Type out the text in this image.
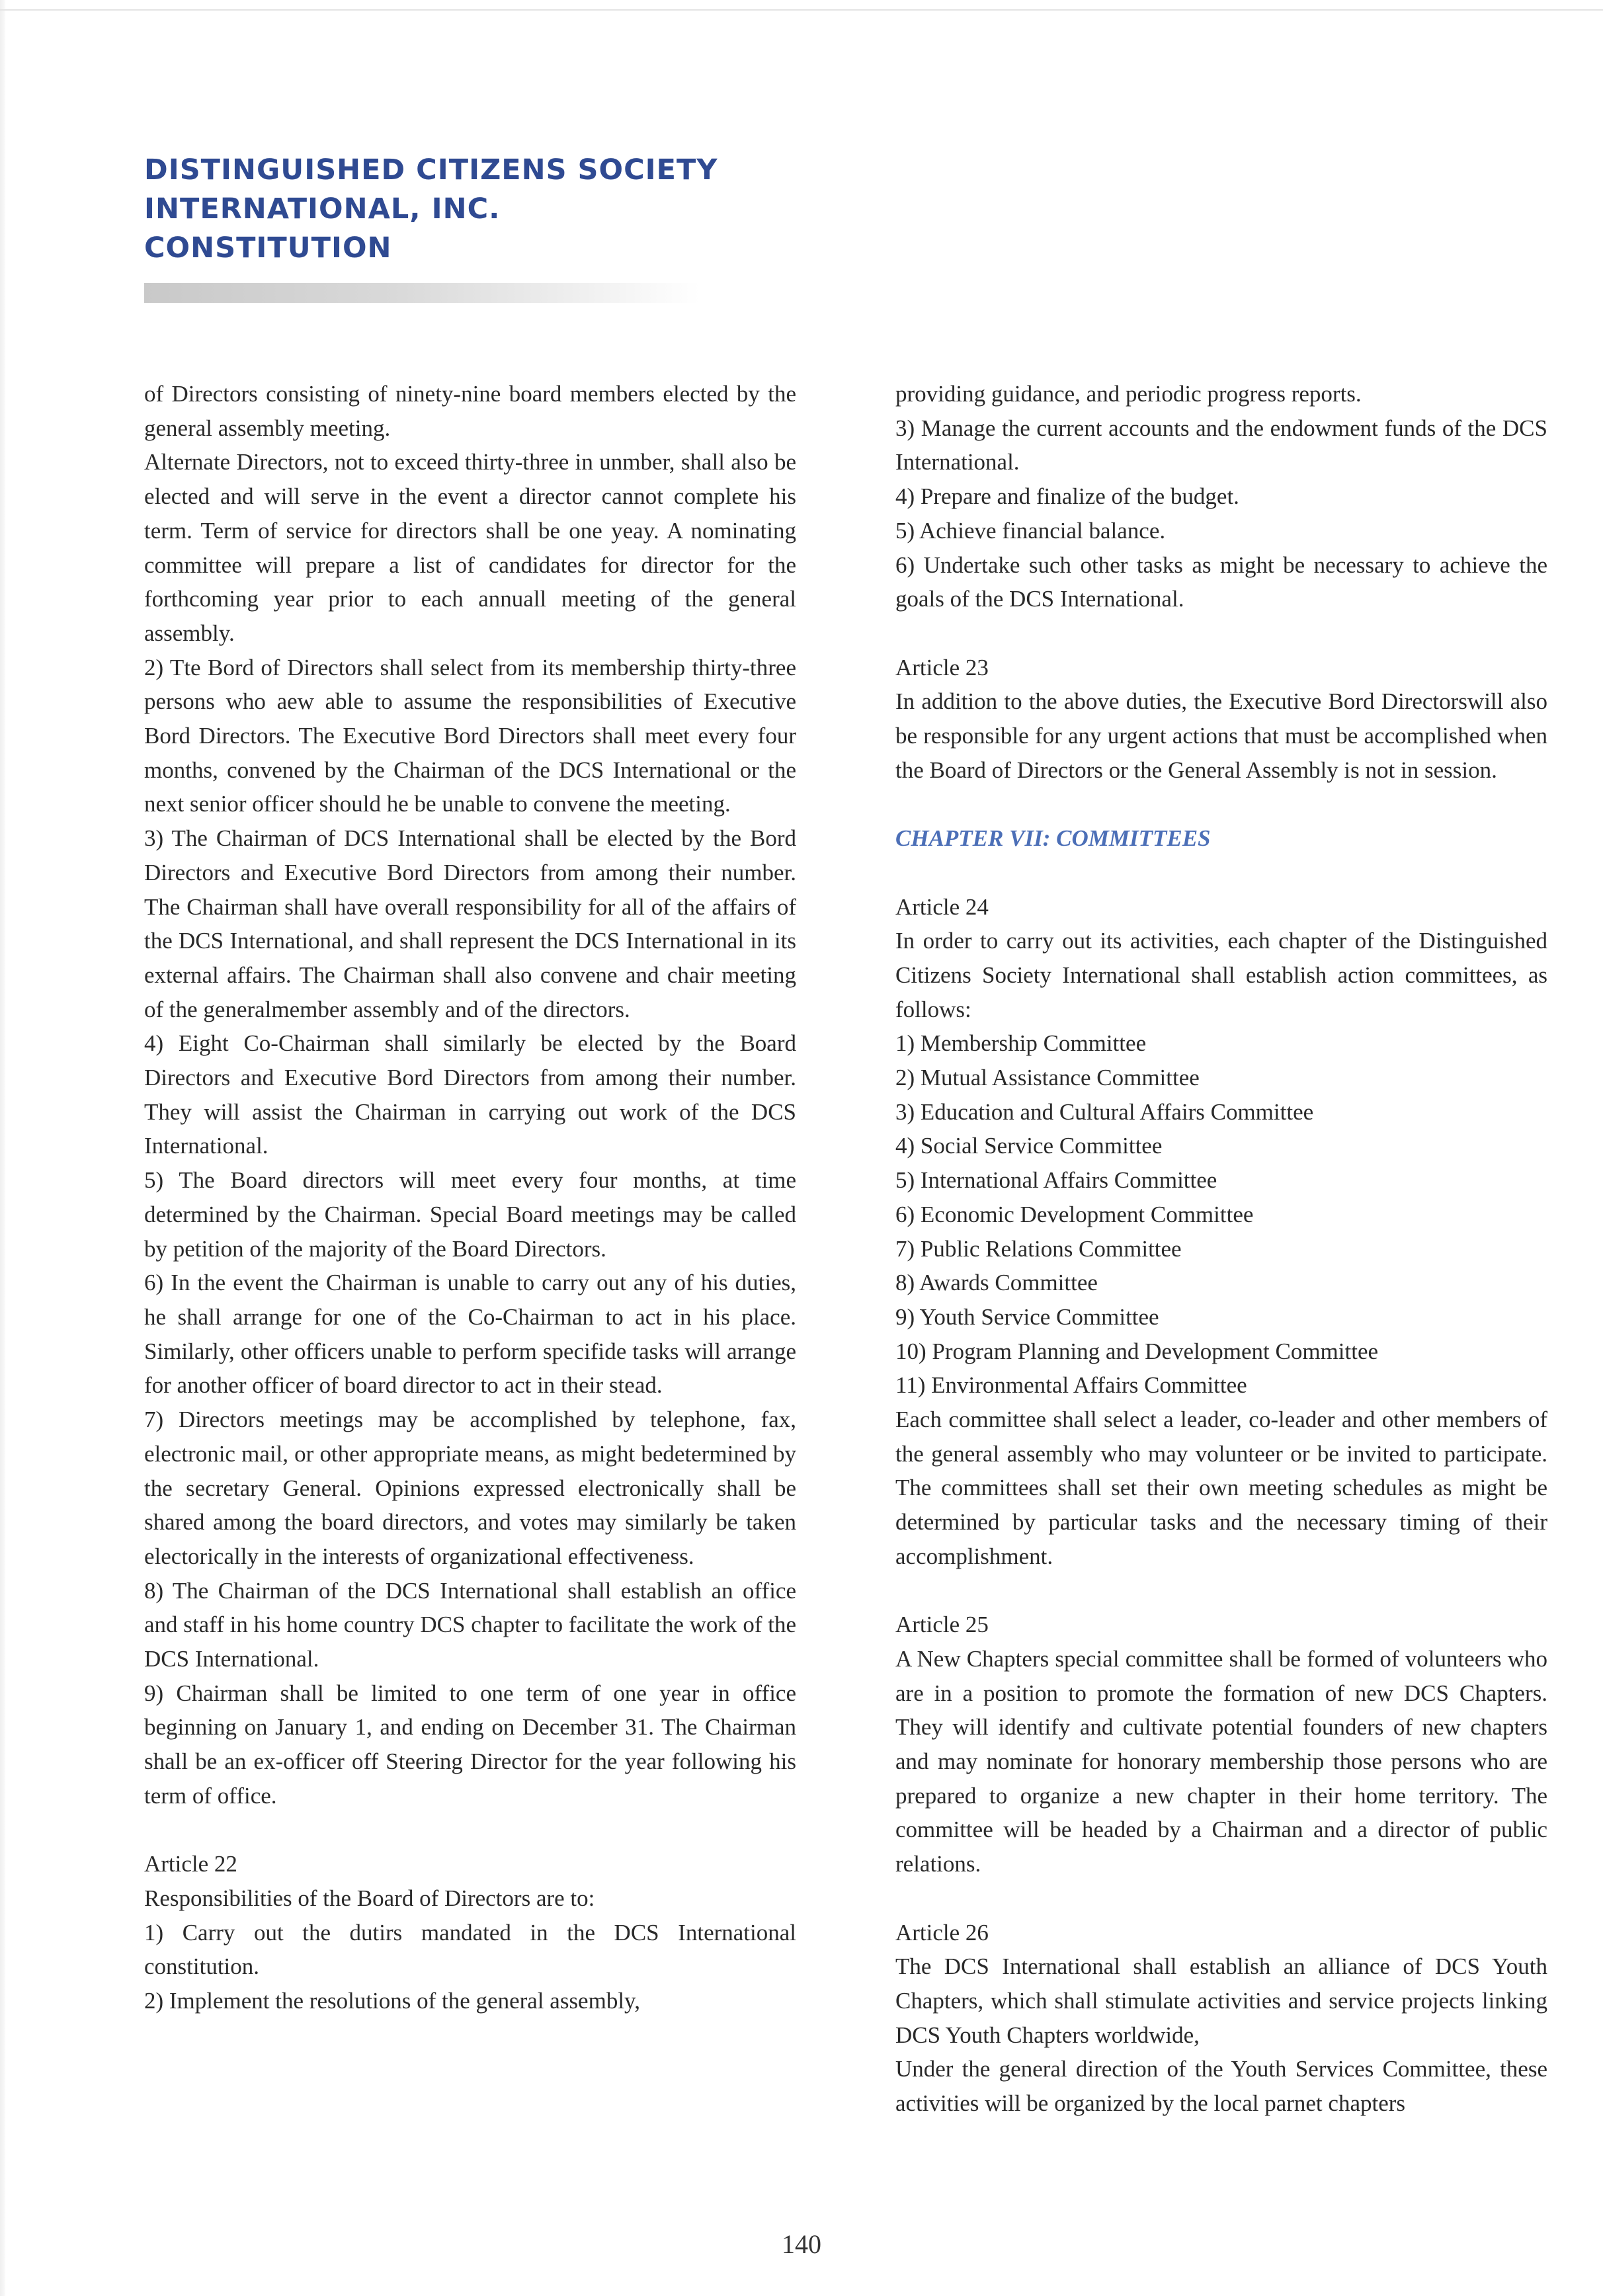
DISTINGUISHED CITIZENS SOCIETY
INTERNATIONAL, INC.
CONSTITUTION

of Directors consisting of ninety-nine board members elected by the general assembly meeting.

Alternate Directors, not to exceed thirty-three in unmber, shall also be elected and will serve in the event a director cannot complete his term. Term of service for directors shall be one yeay. A nominating committee will prepare a list of candidates for director for the forthcoming year prior to each annuall meeting of the general assembly.

2) Tte Bord of Directors shall select from its membership thirty-three persons who aew able to assume the responsibilities of Executive Bord Directors. The Executive Bord Directors shall meet every four months, convened by the Chairman of the DCS International or the next senior officer should he be unable to convene the meeting.

3) The Chairman of DCS International shall be elected by the Bord Directors and Executive Bord Directors from among their number. The Chairman shall have overall responsibility for all of the affairs of the DCS International, and shall represent the DCS International in its external affairs. The Chairman shall also convene and chair meeting of the generalmember assembly and of the directors.

4) Eight Co-Chairman shall similarly be elected by the Board Directors and Executive Bord Directors from among their number. They will assist the Chairman in carrying out work of the DCS International.

5) The Board directors will meet every four months, at time determined by the Chairman. Special Board meetings may be called by petition of the majority of the Board Directors.

6) In the event the Chairman is unable to carry out any of his duties, he shall arrange for one of the Co-Chairman to act in his place. Similarly, other officers unable to perform specifide tasks will arrange for another officer of board director to act in their stead.

7) Directors meetings may be accomplished by telephone, fax, electronic mail, or other appropriate means, as might bedetermined by the secretary General. Opinions expressed electronically shall be shared among the board directors, and votes may similarly be taken electorically in the interests of organizational effectiveness.

8) The Chairman of the DCS International shall establish an office and staff in his home country DCS chapter to facilitate the work of the DCS International.

9) Chairman shall be limited to one term of one year in office beginning on January 1, and ending on December 31. The Chairman shall be an ex-officer off Steering Director for the year following his term of office.

Article 22

Responsibilities of the Board of Directors are to:

1) Carry out the dutirs mandated in the DCS International constitution.

2) Implement the resolutions of the general assembly,

providing guidance, and periodic progress reports.

3) Manage the current accounts and the endowment funds of the DCS International.

4) Prepare and finalize of the budget.

5) Achieve financial balance.

6) Undertake such other tasks as might be necessary to achieve the goals of the DCS International.

Article 23

In addition to the above duties, the Executive Bord Directorswill also be responsible for any urgent actions that must be accomplished when the Board of Directors or the General Assembly is not in session.

CHAPTER VII: COMMITTEES

Article 24

In order to carry out its activities, each chapter of the Distinguished Citizens Society International shall establish action committees, as follows:

1) Membership Committee

2) Mutual Assistance Committee

3) Education and Cultural Affairs Committee

4) Social Service Committee

5) International Affairs Committee

6) Economic Development Committee

7) Public Relations Committee

8) Awards Committee

9) Youth Service Committee

10) Program Planning and Development Committee

11) Environmental Affairs Committee

Each committee shall select a leader, co-leader and other members of the general assembly who may volunteer or be invited to participate. The committees shall set their own meeting schedules as might be determined by particular tasks and the necessary timing of their accomplishment.

Article 25

A New Chapters special committee shall be formed of volunteers who are in a position to promote the formation of new DCS Chapters. They will identify and cultivate potential founders of new chapters and may nominate for honorary membership those persons who are prepared to organize a new chapter in their home territory. The committee will be headed by a Chairman and a director of public relations.

Article 26

The DCS International shall establish an alliance of DCS Youth Chapters, which shall stimulate activities and service projects linking DCS Youth Chapters worldwide,

Under the general direction of the Youth Services Committee, these activities will be organized by the local parnet chapters

140
